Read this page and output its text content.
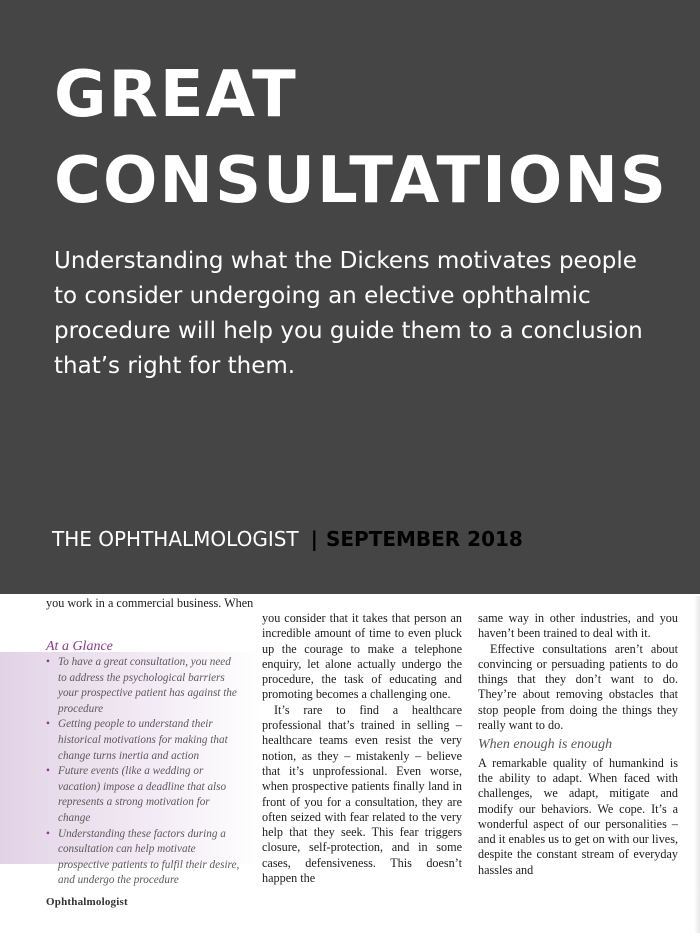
GREAT
CONSULTATIONS

Understanding what the Dickens motivates people to consider undergoing an elective ophthalmic procedure will help you guide them to a conclusion that’s right for them.

THE OPHTHALMOLOGIST | SEPTEMBER 2018

you work in a commercial business. When

At a Glance
• To have a great consultation, you need to address the psychological barriers your prospective patient has against the procedure
• Getting people to understand their historical motivations for making that change turns inertia and action
• Future events (like a wedding or vacation) impose a deadline that also represents a strong motivation for change
• Understanding these factors during a consultation can help motivate prospective patients to fulfil their desire, and undergo the procedure

you consider that it takes that person an incredible amount of time to even pluck up the courage to make a telephone enquiry, let alone actually undergo the procedure, the task of educating and promoting becomes a challenging one.

It’s rare to find a healthcare professional that’s trained in selling – healthcare teams even resist the very notion, as they – mistakenly – believe that it’s unprofessional. Even worse, when prospective patients finally land in front of you for a consultation, they are often seized with fear related to the very help that they seek. This fear triggers closure, self-protection, and in some cases, defensiveness. This doesn’t happen the

same way in other industries, and you haven’t been trained to deal with it.

Effective consultations aren’t about convincing or persuading patients to do things that they don’t want to do. They’re about removing obstacles that stop people from doing the things they really want to do.

When enough is enough

A remarkable quality of humankind is the ability to adapt. When faced with challenges, we adapt, mitigate and modify our behaviors. We cope. It’s a wonderful aspect of our personalities – and it enables us to get on with our lives, despite the constant stream of everyday hassles and

Ophthalmologist
